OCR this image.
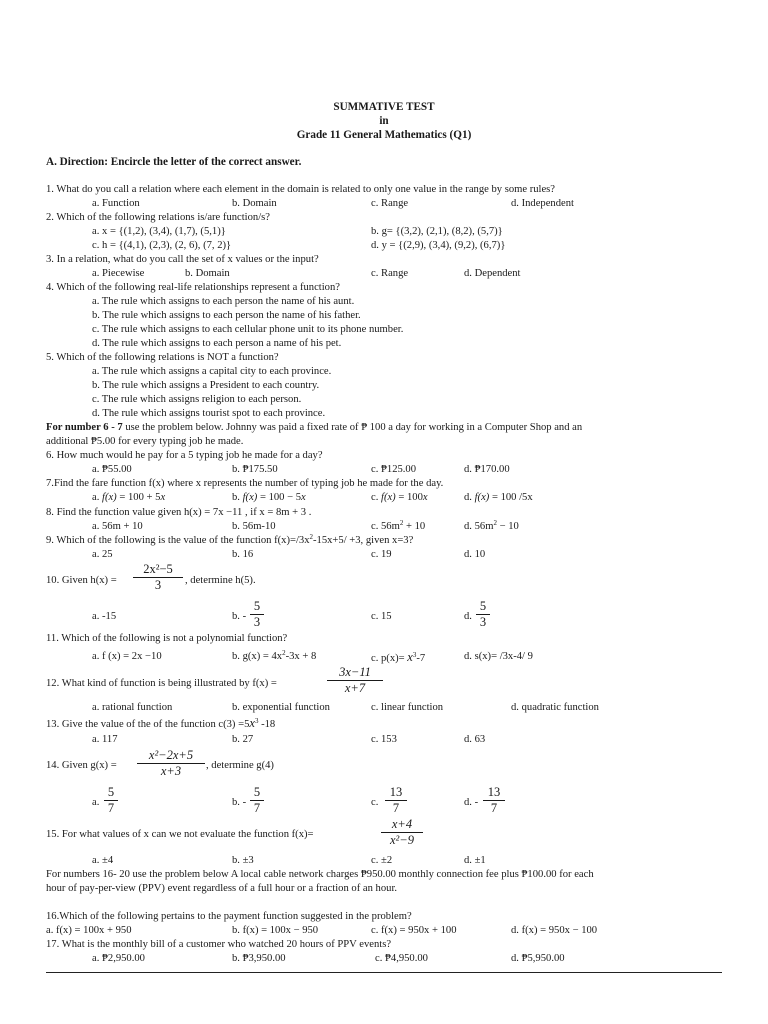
SUMMATIVE TEST
in
Grade 11 General Mathematics (Q1)
A. Direction: Encircle the letter of the correct answer.
1. What do you call a relation where each element in the domain is related to only one value in the range by some rules?
a. Function	b. Domain	c. Range	d. Independent
2. Which of the following relations is/are function/s?
a. x = {(1,2), (3,4), (1,7), (5,1)}	b. g= {(3,2), (2,1), (8,2), (5,7)}
c. h = {(4,1), (2,3), (2, 6), (7, 2)}	d. y = {(2,9), (3,4), (9,2), (6,7)}
3. In a relation, what do you call the set of x values or the input?
a. Piecewise	b. Domain	c. Range	d. Dependent
4. Which of the following real-life relationships represent a function?
a. The rule which assigns to each person the name of his aunt.
b. The rule which assigns to each person the name of his father.
c. The rule which assigns to each cellular phone unit to its phone number.
d. The rule which assigns to each person a name of his pet.
5. Which of the following relations is NOT a function?
a. The rule which assigns a capital city to each province.
b. The rule which assigns a President to each country.
c. The rule which assigns religion to each person.
d. The rule which assigns tourist spot to each province.
For number 6 - 7 use the problem below. Johnny was paid a fixed rate of ₱ 100 a day for working in a Computer Shop and an
additional ₱5.00 for every typing job he made.
6. How much would he pay for a 5 typing job he made for a day?
a. ₱55.00	b. ₱175.50	c. ₱125.00	d. ₱170.00
7.Find the fare function f(x) where x represents the number of typing job he made for the day.
a. f(x) = 100 + 5x	b. f(x) = 100 − 5x	c. f(x) = 100x	d. f(x) = 100 /5x
8. Find the function value given h(x) = 7x −11 , if x = 8m + 3 .
a. 56m + 10	b. 56m-10	c. $56m^2 + 10$	d. $56m^2 - 10$
9. Which of the following is the value of the function $f(x)=/3x^2-15x+5/ +3$, given x=3?
a. 25	b. 16	c. 19	d. 10
10. Given h(x) =
2x²−5
3	, determine h(5).
a. -15	b. -
5
3	c. 15	d.
5
3
11. Which of the following is not a polynomial function?
a. f (x) = 2x −10	b. $g(x) = 4x^2-3x + 8$	c. $p(x)= x^3-7$	d. s(x)= /3x-4/ 9
12. What kind of function is being illustrated by f(x) =
3x−11
x+7
a. rational function	b. exponential function	c. linear function	d. quadratic function
13. Give the value of the of the function $c(3) =5x^3$ -18
a. 117	b. 27	c. 153	d. 63
14. Given g(x) =
x²−2x+5
x+3	, determine g(4)
a.
5
7	b. -
5
7	c.
13
7	d. -
13
7
15. For what values of x can we not evaluate the function f(x)=
x+4
x²−9
a. ±4	b. ±3	c. ±2	d. ±1
For numbers 16- 20 use the problem below A local cable network charges ₱950.00 monthly connection fee plus ₱100.00 for each
hour of pay-per-view (PPV) event regardless of a full hour or a fraction of an hour.
16.Which of the following pertains to the payment function suggested in the problem?
a. f(x) = 100x + 950	b. f(x) = 100x − 950	c. f(x) = 950x + 100	d. f(x) = 950x − 100
17. What is the monthly bill of a customer who watched 20 hours of PPV events?
a. ₱2,950.00	b. ₱3,950.00	c. ₱4,950.00	d. ₱5,950.00
